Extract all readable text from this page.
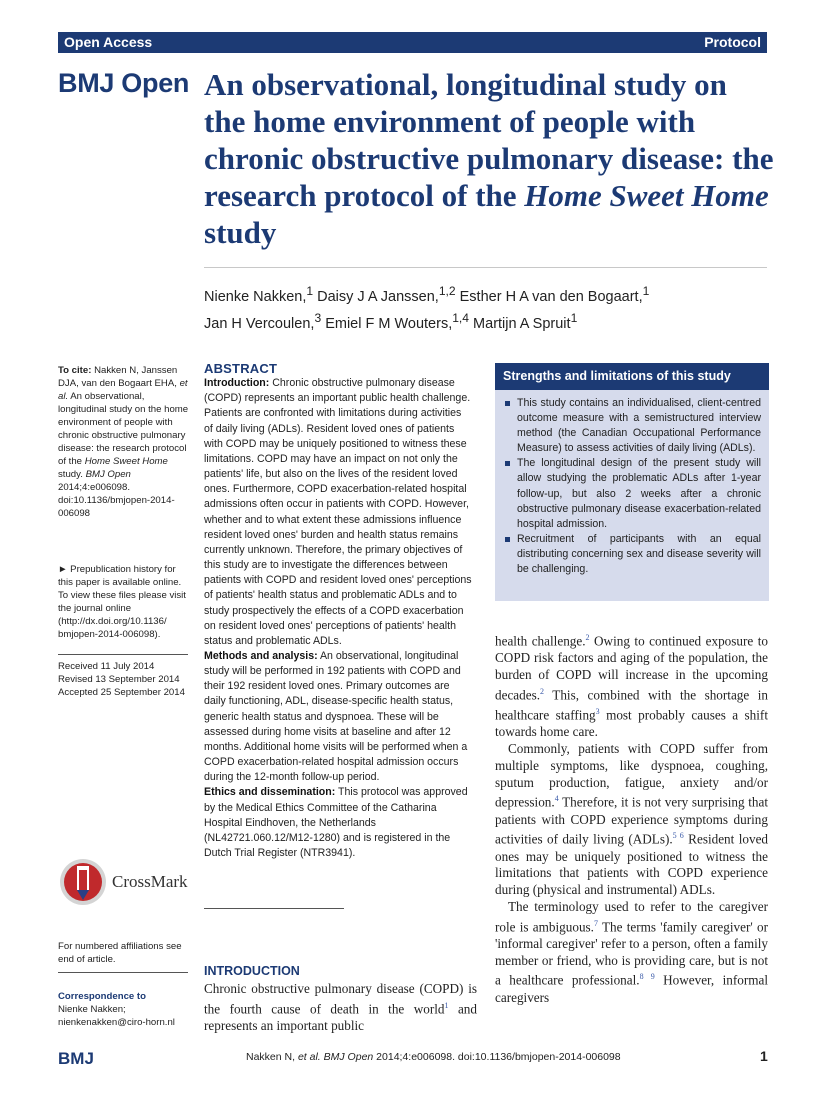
Open Access	Protocol
BMJ Open An observational, longitudinal study on the home environment of people with chronic obstructive pulmonary disease: the research protocol of the Home Sweet Home study
Nienke Nakken,$^1$ Daisy J A Janssen,$^{1,2}$ Esther H A van den Bogaart,$^1$
Jan H Vercoulen,$^3$ Emiel F M Wouters,$^{1,4}$ Martijn A Spruit$^1$
To cite: Nakken N, Janssen DJA, van den Bogaart EHA, et al. An observational, longitudinal study on the home environment of people with chronic obstructive pulmonary disease: the research protocol of the Home Sweet Home study. BMJ Open 2014;4:e006098. doi:10.1136/bmjopen-2014-006098
► Prepublication history for this paper is available online. To view these files please visit the journal online (http://dx.doi.org/10.1136/ bmjopen-2014-006098).
Received 11 July 2014
Revised 13 September 2014
Accepted 25 September 2014
CrossMark
For numbered affiliations see end of article.
Correspondence to
Nienke Nakken;
nienkenakken@ciro-horn.nl
ABSTRACT
Introduction: Chronic obstructive pulmonary disease (COPD) represents an important public health challenge. Patients are confronted with limitations during activities of daily living (ADLs). Resident loved ones of patients with COPD may be uniquely positioned to witness these limitations. COPD may have an impact on not only the patients' life, but also on the lives of the resident loved ones. Furthermore, COPD exacerbation-related hospital admissions often occur in patients with COPD. However, whether and to what extent these admissions influence resident loved ones' burden and health status remains currently unknown. Therefore, the primary objectives of this study are to investigate the differences between patients with COPD and resident loved ones' perceptions of patients' health status and problematic ADLs and to study prospectively the effects of a COPD exacerbation on resident loved ones' perceptions of patients' health status and problematic ADLs.
Methods and analysis: An observational, longitudinal study will be performed in 192 patients with COPD and their 192 resident loved ones. Primary outcomes are daily functioning, ADL, disease-specific health status, generic health status and dyspnoea. These will be assessed during home visits at baseline and after 12 months. Additional home visits will be performed when a COPD exacerbation-related hospital admission occurs during the 12-month follow-up period.
Ethics and dissemination: This protocol was approved by the Medical Ethics Committee of the Catharina Hospital Eindhoven, the Netherlands (NL42721.060.12/M12-1280) and is registered in the Dutch Trial Register (NTR3941).
Strengths and limitations of this study
This study contains an individualised, client-centred outcome measure with a semistructured interview method (the Canadian Occupational Performance Measure) to assess activities of daily living (ADLs).
The longitudinal design of the present study will allow studying the problematic ADLs after 1-year follow-up, but also 2 weeks after a chronic obstructive pulmonary disease exacerbation-related hospital admission.
Recruitment of participants with an equal distributing concerning sex and disease severity will be challenging.
INTRODUCTION
Chronic obstructive pulmonary disease (COPD) is the fourth cause of death in the world$^1$ and represents an important public

health challenge.$^2$ Owing to continued exposure to COPD risk factors and aging of the population, the burden of COPD will increase in the upcoming decades.$^2$ This, combined with the shortage in healthcare staffing$^3$ most probably causes a shift towards home care.

Commonly, patients with COPD suffer from multiple symptoms, like dyspnoea, coughing, sputum production, fatigue, anxiety and/or depression.$^4$ Therefore, it is not very surprising that patients with COPD experience symptoms during activities of daily living (ADLs).$^{5 6}$ Resident loved ones may be uniquely positioned to witness the limitations that patients with COPD experience during (physical and instrumental) ADLs.

The terminology used to refer to the caregiver role is ambiguous.$^7$ The terms 'family caregiver' or 'informal caregiver' refer to a person, often a family member or friend, who is providing care, but is not a healthcare professional.$^{8 9}$ However, informal caregivers

BMJ	Nakken N, et al. BMJ Open 2014;4:e006098. doi:10.1136/bmjopen-2014-006098	1
